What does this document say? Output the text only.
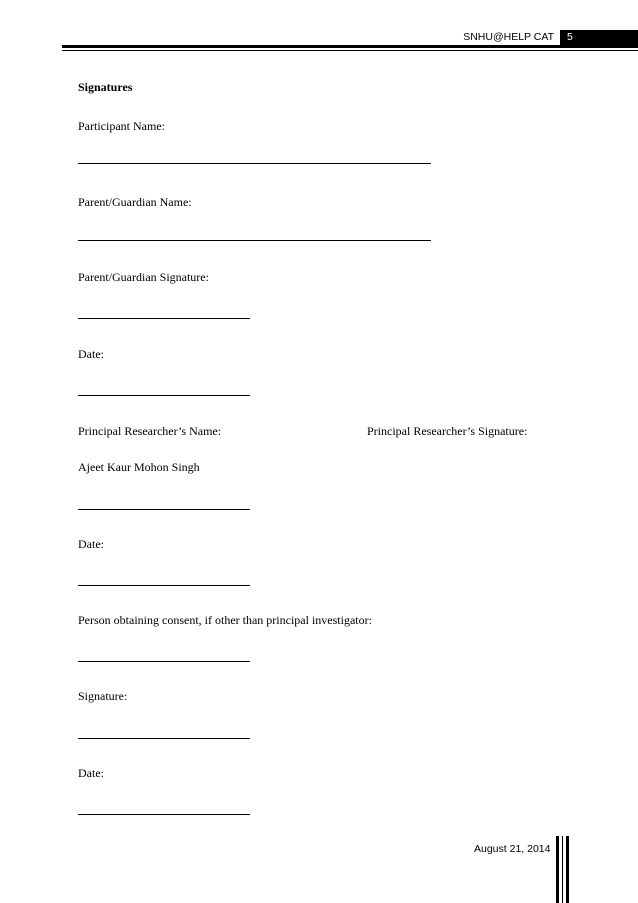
SNHU@HELP CAT	5
Signatures
Participant Name:
Parent/Guardian Name:
Parent/Guardian Signature:
Date:
Principal Researcher’s Name:	Principal Researcher’s Signature:
Ajeet Kaur Mohon Singh
Date:
Person obtaining consent, if other than principal investigator:
Signature:
Date:
August 21, 2014
